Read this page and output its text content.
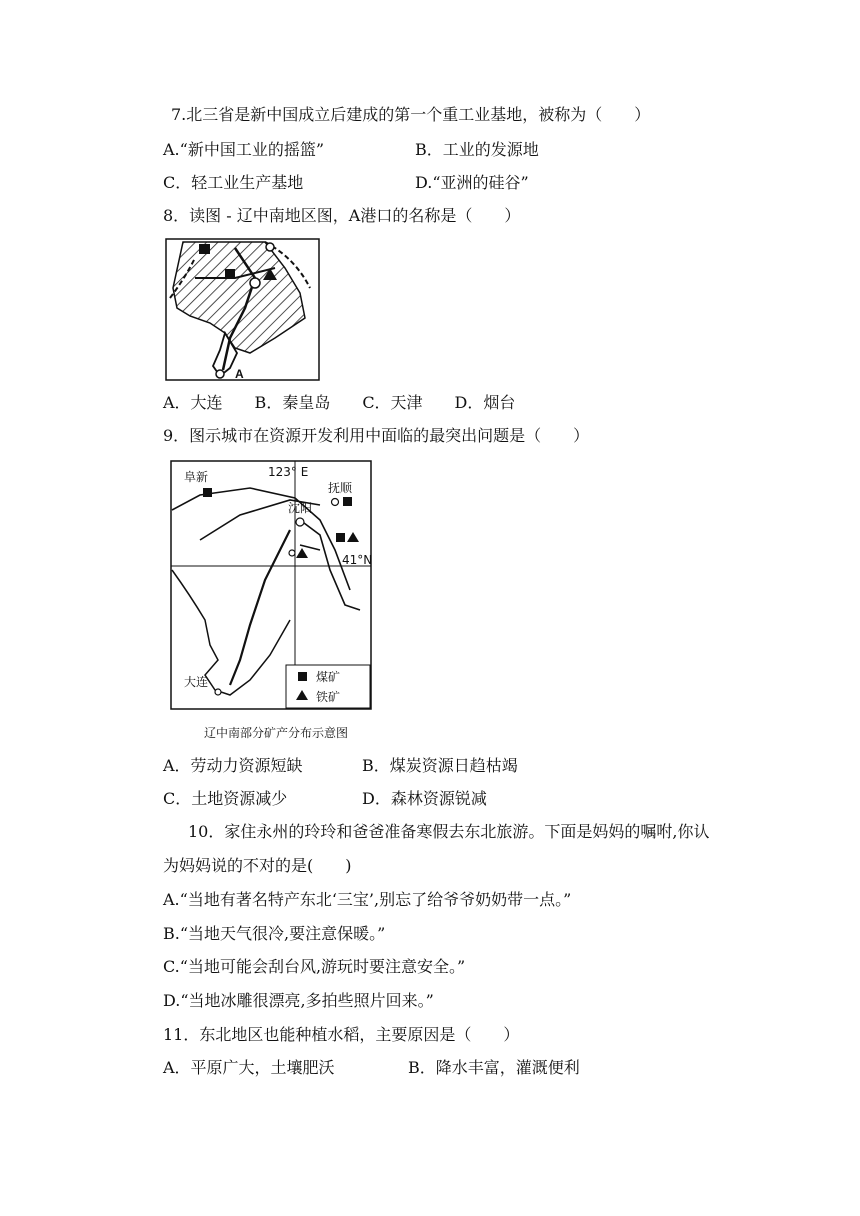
7.北三省是新中国成立后建成的第一个重工业基地，被称为（　　）
A.“新中国工业的摇篮”	B．工业的发源地
C．轻工业生产基地	D.“亚洲的硅谷”
8．读图 - 辽中南地区图，A港口的名称是（　　）
A
A．大连　　B．秦皇岛　　C．天津　　D．烟台
9．图示城市在资源开发利用中面临的最突出问题是（　　）
阜新	123° E
抚顺
沈阳
41°N
大连	煤矿
铁矿
辽中南部分矿产分布示意图
A．劳动力资源短缺	B．煤炭资源日趋枯竭
C．土地资源减少	D．森林资源锐减
10．家住永州的玲玲和爸爸准备寒假去东北旅游。下面是妈妈的嘱咐,你认
为妈妈说的不对的是(　　)
A.“当地有著名特产东北‘三宝’,别忘了给爷爷奶奶带一点。”
B.“当地天气很冷,要注意保暖。”
C.“当地可能会刮台风,游玩时要注意安全。”
D.“当地冰雕很漂亮,多拍些照片回来。”
11．东北地区也能种植水稻，主要原因是（　　）
A．平原广大，土壤肥沃	B．降水丰富，灌溉便利
